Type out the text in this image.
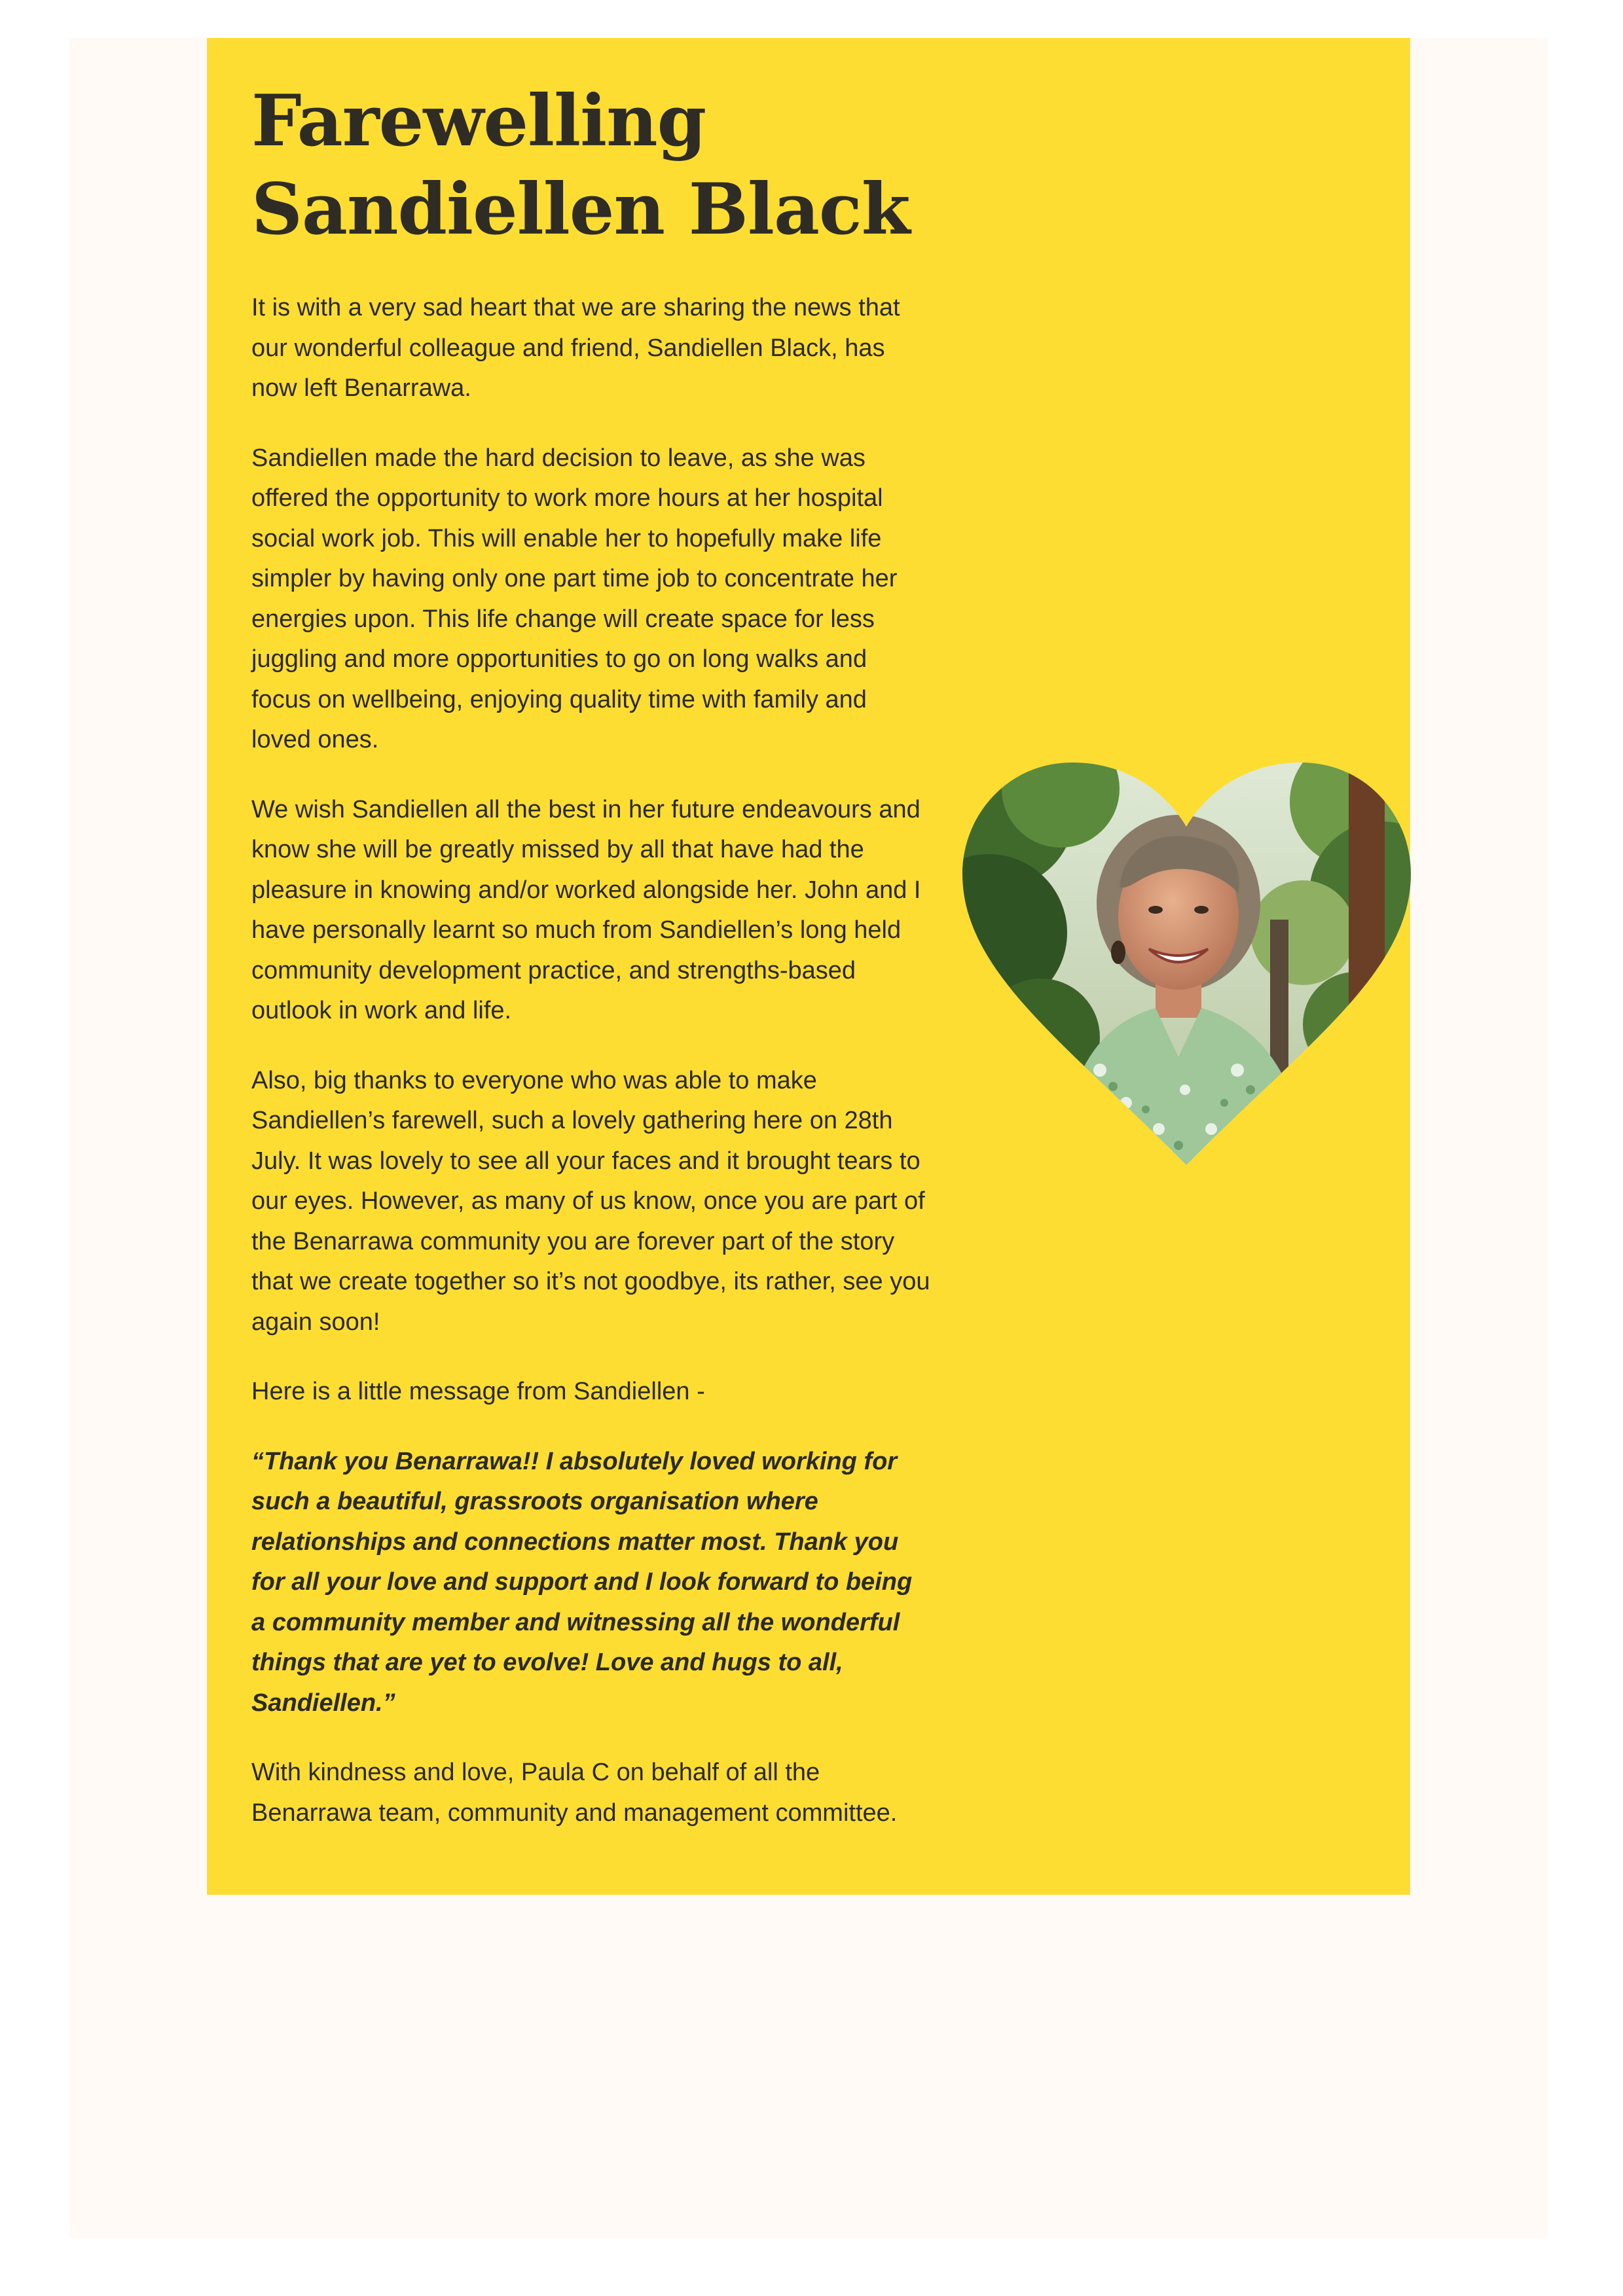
Farewelling
Sandiellen Black

It is with a very sad heart that we are sharing the news that our wonderful colleague and friend, Sandiellen Black, has now left Benarrawa.

Sandiellen made the hard decision to leave, as she was offered the opportunity to work more hours at her hospital social work job. This will enable her to hopefully make life simpler by having only one part time job to concentrate her energies upon. This life change will create space for less juggling and more opportunities to go on long walks and focus on wellbeing, enjoying quality time with family and loved ones.

We wish Sandiellen all the best in her future endeavours and know she will be greatly missed by all that have had the pleasure in knowing and/or worked alongside her. John and I have personally learnt so much from Sandiellen’s long held community development practice, and strengths-based outlook in work and life.

Also, big thanks to everyone who was able to make Sandiellen’s farewell, such a lovely gathering here on 28th July. It was lovely to see all your faces and it brought tears to our eyes. However, as many of us know, once you are part of the Benarrawa community you are forever part of the story that we create together so it’s not goodbye, its rather, see you again soon!

Here is a little message from Sandiellen -

“Thank you Benarrawa!! I absolutely loved working for such a beautiful, grassroots organisation where relationships and connections matter most. Thank you for all your love and support and I look forward to being a community member and witnessing all the wonderful things that are yet to evolve! Love and hugs to all, Sandiellen.”

With kindness and love, Paula C on behalf of all the Benarrawa team, community and management committee.
